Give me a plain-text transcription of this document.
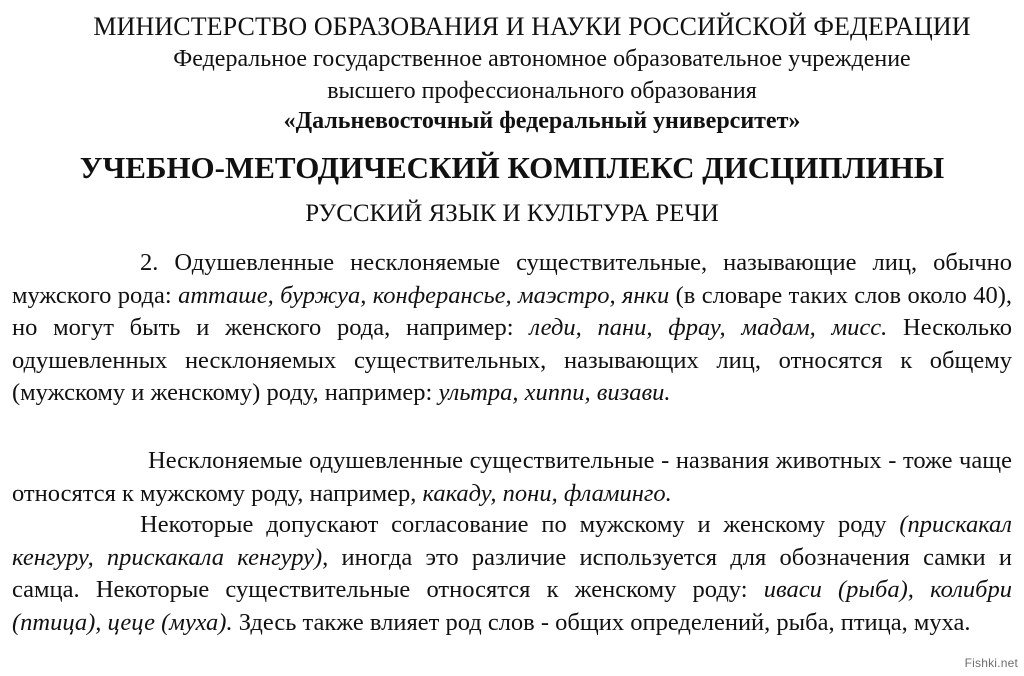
МИНИСТЕРСТВО ОБРАЗОВАНИЯ И НАУКИ РОССИЙСКОЙ ФЕДЕРАЦИИ
Федеральное государственное автономное образовательное учреждение
высшего профессионального образования
«Дальневосточный федеральный университет»
УЧЕБНО-МЕТОДИЧЕСКИЙ КОМПЛЕКС ДИСЦИПЛИНЫ
РУССКИЙ ЯЗЫК И КУЛЬТУРА РЕЧИ

2. Одушевленные несклоняемые существительные, называющие лиц, обычно мужского рода: атташе, буржуа, конферансье, маэстро, янки (в словаре таких слов около 40), но могут быть и женского рода, например: леди, пани, фрау, мадам, мисс. Несколько одушевленных несклоняемых существительных, называющих лиц, относятся к общему (мужскому и женскому) роду, например: ультра, хиппи, визави.

Несклоняемые одушевленные существительные - названия животных - тоже чаще относятся к мужскому роду, например, какаду, пони, фламинго.

Некоторые допускают согласование по мужскому и женскому роду (прискакал кенгуру, прискакала кенгуру), иногда это различие используется для обозначения самки и самца. Некоторые существительные относятся к женскому роду: иваси (рыба), колибри (птица), цеце (муха). Здесь также влияет род слов - общих определений, рыба, птица, муха.

Fishki.net
